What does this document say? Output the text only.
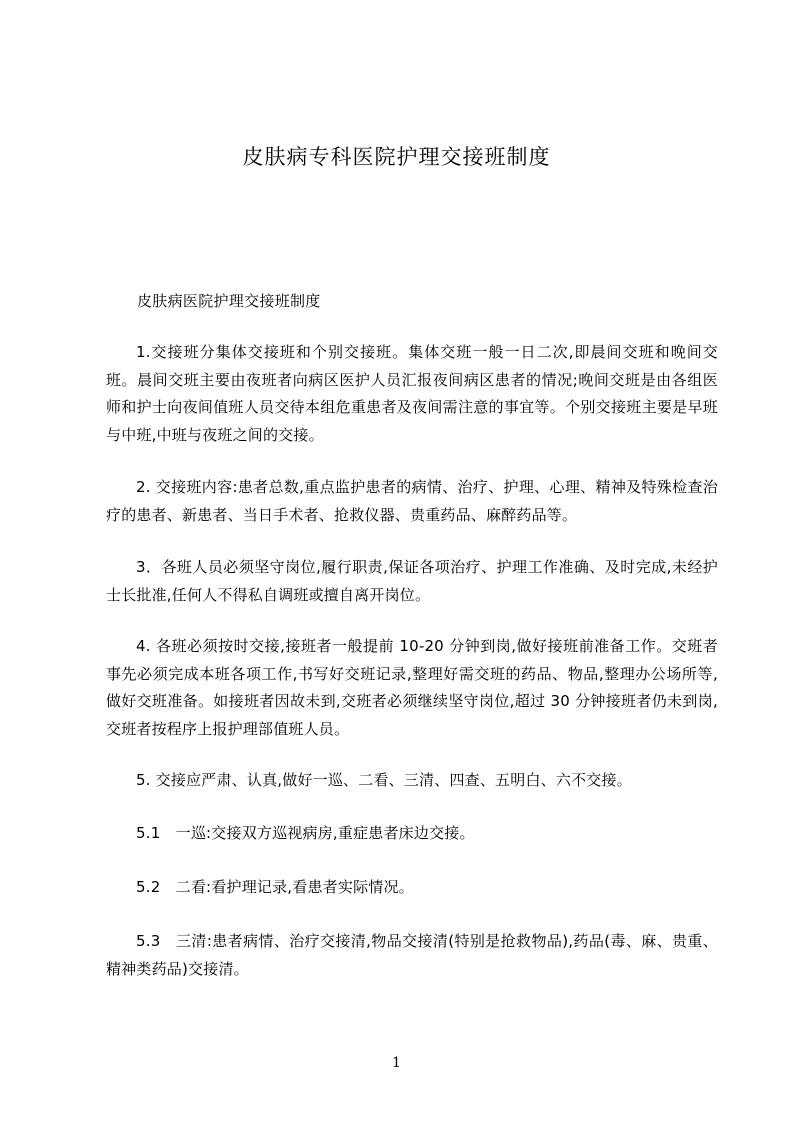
皮肤病专科医院护理交接班制度
皮肤病医院护理交接班制度
1.交接班分集体交接班和个别交接班。集体交班一般一日二次,即晨间交班和晚间交班。晨间交班主要由夜班者向病区医护人员汇报夜间病区患者的情况;晚间交班是由各组医师和护士向夜间值班人员交待本组危重患者及夜间需注意的事宜等。个别交接班主要是早班与中班,中班与夜班之间的交接。
2. 交接班内容:患者总数,重点监护患者的病情、治疗、护理、心理、精神及特殊检查治疗的患者、新患者、当日手术者、抢救仪器、贵重药品、麻醉药品等。
3．各班人员必须坚守岗位,履行职责,保证各项治疗、护理工作准确、及时完成,未经护士长批准,任何人不得私自调班或擅自离开岗位。
4. 各班必须按时交接,接班者一般提前 10-20 分钟到岗,做好接班前准备工作。交班者事先必须完成本班各项工作,书写好交班记录,整理好需交班的药品、物品,整理办公场所等,做好交班准备。如接班者因故未到,交班者必须继续坚守岗位,超过 30 分钟接班者仍未到岗,交班者按程序上报护理部值班人员。
5. 交接应严肃、认真,做好一巡、二看、三清、四查、五明白、六不交接。
5.1　一巡:交接双方巡视病房,重症患者床边交接。
5.2　二看:看护理记录,看患者实际情况。
5.3　三清:患者病情、治疗交接清,物品交接清(特别是抢救物品),药品(毒、麻、贵重、精神类药品)交接清。
1
